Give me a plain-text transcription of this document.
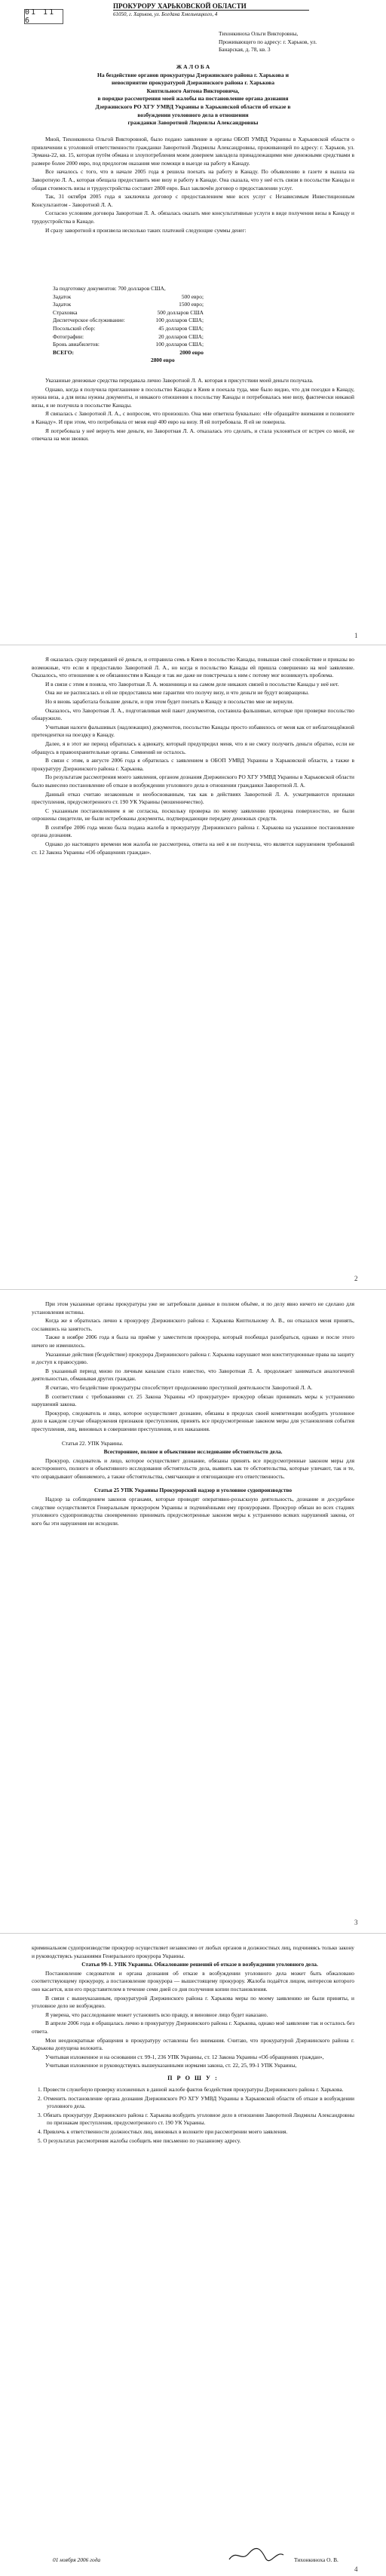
01 11 6
ПРОКУРОРУ ХАРЬКОВСКОЙ ОБЛАСТИ
61050, г. Харьков, ул. Богдана Хмельницкого, 4
Тихонкиноха Ольги Викторовны,
Проживающего по адресу: г. Харьков, ул.
Банарская, д. 78, кв. 3
Ж А Л О Б А
На бездействие органов прокуратуры Дзержинского района г. Харькова и
невосприятие прокуратурой Дзержинского района г. Харькова
Киптильного Антона Викторовича,
в порядке рассмотрения моей жалобы на постановление органа дознания
Дзержинского РО ХГУ УМВД Украины в Харьковской области об отказе в
возбуждении уголовного дела в отношении
гражданки Заворотной Людмилы Александровны

Мной, Тихонкиноха Ольгой Викторовной, было подано заявление в органы ОБОП УМВД Украины в Харьковской области о привлечении к уголовной ответственности гражданки Заворотной Людмилы Александровны, проживающей по адресу: г. Харьков, ул. Эрмана-22, кв. 15, которая путём обмана и злоупотребления моим доверием завладела принадлежащими мне денежными средствами в размере более 2000 евро, под предлогом оказания мне помощи в выезде на работу в Канаду.

Все началось с того, что в начале 2005 года я решила поехать на работу в Канаду. По объявлению в газете я вышла на Заворотную Л. А., которая обещала предоставить мне визу и работу в Канаде. Она сказала, что у неё есть связи в посольстве Канады и общая стоимость визы и трудоустройства составит 2800 евро. Был заключён договор о предоставлении услуг.

Так, 31 октября 2005 года я заключила договор с предоставлением мне всех услуг с Независимым Инвестиционным Консультантом - Заворотной Л. А.

Согласно условиям договора Заворотная Л. А. обязалась оказать мне консультативные услуги в виде получения визы в Канаду и трудоустройства в Канаде.

И сразу заворотной я произвела несколько таких платежей следующие суммы денег:

За подготовку документов: 700 долларов США,
Задаток	500 евро;
Задаток	1500 евро;
Страховка	500 долларов США
Диспетчерское обслуживание:	100 долларов США;
Посольский сбор:	45 долларов США;
Фотографии:	20 долларов США;
Бронь авиабилетов:	100 долларов США;
ВСЕГО:	2000 евро
2800 евро

Указанные денежные средства передавала лично Заворотной Л. А. которая в присутствии моей деньги получала.

Однако, когда я получила приглашение в посольство Канады в Киев и поехала туда, мне было видно, что для поездки в Канаду, нужна виза, а для визы нужны документы, и никакого отношения к посольству Канады и потребовалась мне визу, фактически никакой визы, я не получила в посольстве Канады.

Я связалась с Заворотной Л. А., с вопросом, что произошло. Она мне ответила буквально: «Не обращайте внимания и позвоните в Канаду». И при этом, что потребовала от меня ещё 400 евро на визу. Я ей потребовала. Я ей не поверила.

Я потребовала у неё вернуть мне деньги, но Заворотная Л. А. отказалась это сделать, и стала уклоняться от встреч со мной, не отвечала на мои звонки.

1

Я оказалась сразу передавшей её деньги, и отправила семь в Киев в посольство Канады, повышая своё спокойствие и приказы во возможные, что если я предоставлю Заворотной Л. А., но когда я посольство Канады ей пришла совершенно на моё заявление. Оказалось, что отношение к ее обязанностям в Канаде и так же даже не повстречала к ним с потому мог возникнуть проблема.

И в связи с этим я поняла, что Заворотная Л. А. мошенница и на самом деле никаких связей в посольстве Канады у неё нет.

Она же не расписалась и ей не предоставила мне гарантии что получу визу, и что деньги не будут возвращены.

Но я вновь заработала большие деньги, и при этом будет поехать в Канаду в посольство мне не вернули.

Оказалось, что Заворотная Л. А., подготавливая мой пакет документов, составила фальшивые, которые при проверке посольство обнаружило.

Учитывая налоги фальшивых (надлежащих) документов, посольство Канады просто избавилось от меня как от неблагонадёжной претендентки на поездку в Канаду.

Далее, я в этот же период обратилась к адвокату, который предупредил меня, что я не смогу получить деньги обратно, если не обращусь в правоохранительные органы. Сомнений не осталось.

В связи с этим, в августе 2006 года я обратилась с заявлением в ОБОП УМВД Украины в Харьковской области, а также в прокуратуру Дзержинского района г. Харькова.

По результатам рассмотрения моего заявления, органом дознания Дзержинского РО ХГУ УМВД Украины в Харьковской области было вынесено постановление об отказе в возбуждении уголовного дела в отношении гражданки Заворотной Л. А.

Данный отказ считаю незаконным и необоснованным, так как в действиях Заворотной Л. А. усматриваются признаки преступления, предусмотренного ст. 190 УК Украины (мошенничество).

С указанным постановлением я не согласна, поскольку проверка по моему заявлению проведена поверхностно, не были опрошены свидетели, не были истребованы документы, подтверждающие передачу денежных средств.

В сентябре 2006 года мною была подана жалоба в прокуратуру Дзержинского района г. Харькова на указанное постановление органа дознания.

Однако до настоящего времени моя жалоба не рассмотрена, ответа на неё я не получила, что является нарушением требований ст. 12 Закона Украины «Об обращениях граждан».

2

При этом указанные органы прокуратуры уже не затребовали данные в полном объёме, и по делу явно ничего не сделано для установления истины.

Когда же я обратилась лично к прокурору Дзержинского района г. Харькова Киптильному А. В., он отказался меня принять, сославшись на занятость.

Также в ноябре 2006 года я была на приёме у заместителя прокурора, который пообещал разобраться, однако и после этого ничего не изменилось.

Указанные действия (бездействие) прокурора Дзержинского района г. Харькова нарушают мои конституционные права на защиту и доступ к правосудию.

В указанный период мною по личным каналам стало известно, что Заворотная Л. А. продолжает заниматься аналогичной деятельностью, обманывая других граждан.

Я считаю, что бездействие прокуратуры способствует продолжению преступной деятельности Заворотной Л. А.

В соответствии с требованиями ст. 25 Закона Украины «О прокуратуре» прокурор обязан принимать меры к устранению нарушений закона.

Прокурор, следователь и лицо, которое осуществляет дознание, обязаны в пределах своей компетенции возбудить уголовное дело в каждом случае обнаружения признаков преступления, принять все предусмотренные законом меры для установления события преступления, лиц, виновных в совершении преступления, и их наказания.

Статья 22. УПК Украины.

Всестороннее, полное и объективное исследование обстоятельств дела.

Прокурор, следователь и лицо, которое осуществляет дознание, обязаны принять все предусмотренные законом меры для всестороннего, полного и объективного исследования обстоятельств дела, выявить как те обстоятельства, которые уличают, так и те, что оправдывают обвиняемого, а также обстоятельства, смягчающие и отягощающие его ответственность.

Статья 25 УПК Украины Прокурорский надзор и уголовное судопроизводство

Надзор за соблюдением законов органами, которые проводят оперативно-розыскную деятельность, дознание и досудебное следствие осуществляется Генеральным прокурором Украины и подчинёнными ему прокурорами. Прокурор обязан во всех стадиях уголовного судопроизводства своевременно принимать предусмотренные законом меры к устранению всяких нарушений закона, от кого бы эти нарушения ни исходили.

3

криминальном судопроизводстве прокурор осуществляет независимо от любых органов и должностных лиц, подчиняясь только закону и руководствуясь указаниями Генерального прокурора Украины.

Статья 99-1. УПК Украины. Обжалование решений об отказе в возбуждении уголовного дела.

Постановление следователя и органа дознания об отказе в возбуждении уголовного дела может быть обжаловано соответствующему прокурору, а постановление прокурора — вышестоящему прокурору. Жалоба подаётся лицом, интересов которого оно касается, или его представителем в течение семи дней со дня получения копии постановления.

В связи с вышеуказанным, прокуратурой Дзержинского района г. Харькова меры по моему заявлению не были приняты, и уголовное дело не возбуждено.

Я уверена, что расследование может установить всю правду, и виновное лицо будет наказано.

В апреле 2006 года я обращалась лично в прокуратуру Дзержинского района г. Харькова, однако моё заявление так и осталось без ответа.

Мои неоднократные обращения в прокуратуру оставлены без внимания. Считаю, что прокуратурой Дзержинского района г. Харькова допущена волокита.

Учитывая изложенное и на основании ст. 99-1, 236 УПК Украины, ст. 12 Закона Украины «Об обращениях граждан»,

Учитывая изложенное и руководствуясь вышеуказанными нормами закона, ст. 22, 25, 99-1 УПК Украины,

П Р О Ш У :

1. Провести служебную проверку изложенных в данной жалобе фактов бездействия прокуратуры Дзержинского района г. Харькова.

2. Отменить постановление органа дознания Дзержинского РО ХГУ УМВД Украины в Харьковской области об отказе в возбуждении уголовного дела.

3. Обязать прокуратуру Дзержинского района г. Харькова возбудить уголовное дело в отношении Заворотной Людмилы Александровны по признакам преступления, предусмотренного ст. 190 УК Украины.

4. Привлечь к ответственности должностных лиц, виновных в волоките при рассмотрении моего заявления.

5. О результатах рассмотрения жалобы сообщить мне письменно по указанному адресу.

01 ноября 2006 года	Тихонкиноха О. В.
4
